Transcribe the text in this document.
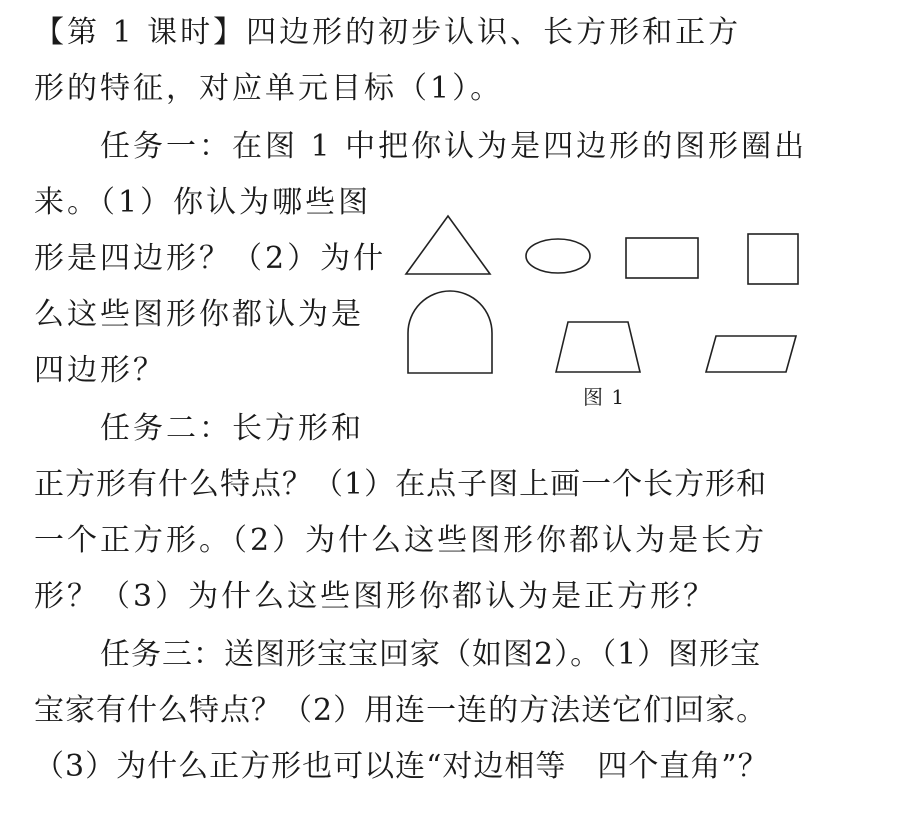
【第 1 课时】四边形的初步认识、长方形和正方

形的特征，对应单元目标（1）。

任务一：在图 1 中把你认为是四边形的图形圈出

来。（1）你认为哪些图

形是四边形？（2）为什

么这些图形你都认为是

四边形？

任务二：长方形和

正方形有什么特点？（1）在点子图上画一个长方形和

一个正方形。（2）为什么这些图形你都认为是长方

形？（3）为什么这些图形你都认为是正方形？

任务三：送图形宝宝回家（如图2）。（1）图形宝

宝家有什么特点？（2）用连一连的方法送它们回家。

（3）为什么正方形也可以连“对边相等　四个直角”？

图 1
